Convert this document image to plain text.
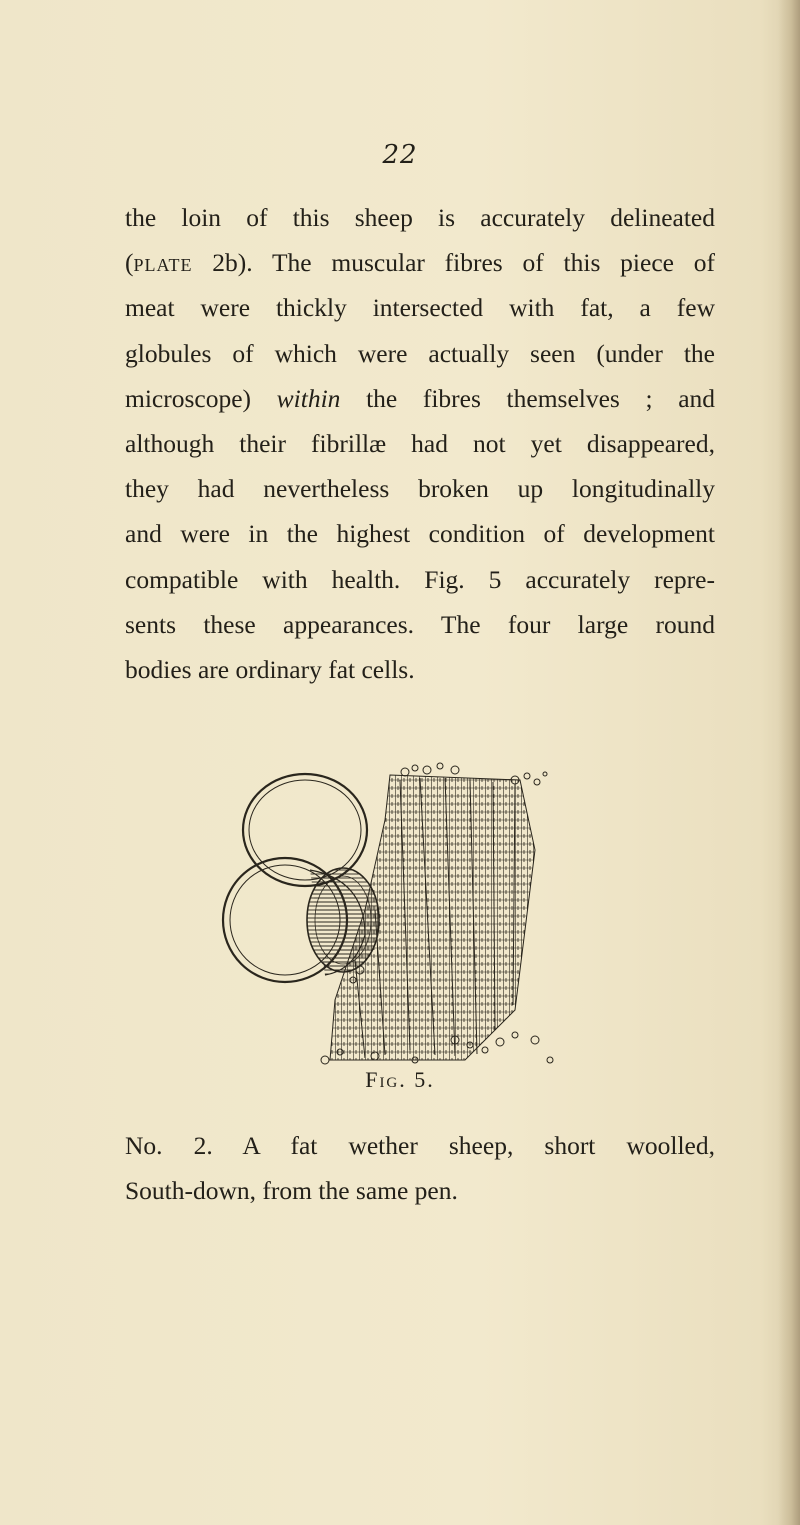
22
the loin of this sheep is accurately delineated
(plate 2b). The muscular fibres of this piece of
meat were thickly intersected with fat, a few
globules of which were actually seen (under the
microscope) within the fibres themselves ; and
although their fibrillæ had not yet disappeared,
they had nevertheless broken up longitudinally
and were in the highest condition of development
compatible with health. Fig. 5 accurately repre-
sents these appearances. The four large round
bodies are ordinary fat cells.
Fig. 5.
No. 2. A fat wether sheep, short woolled,
South-down, from the same pen.
